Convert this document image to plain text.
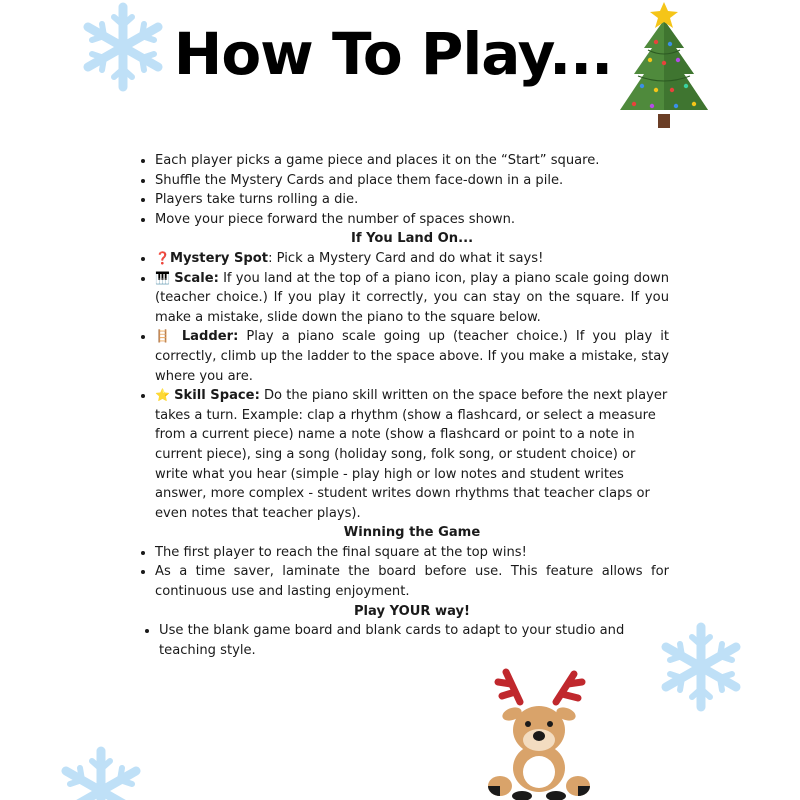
How To Play...
• Each player picks a game piece and places it on the “Start” square.
• Shuffle the Mystery Cards and place them face-down in a pile.
• Players take turns rolling a die.
• Move your piece forward the number of spaces shown.
If You Land On...
• ❓Mystery Spot: Pick a Mystery Card and do what it says!
• 🎹 Scale: If you land at the top of a piano icon, play a piano scale going down (teacher choice.) If you play it correctly, you can stay on the square. If you make a mistake, slide down the piano to the square below.
• 🪜 Ladder: Play a piano scale going up (teacher choice.) If you play it correctly, climb up the ladder to the space above. If you make a mistake, stay where you are.
• ⭐ Skill Space: Do the piano skill written on the space before the next player takes a turn. Example: clap a rhythm (show a flashcard, or select a measure from a current piece) name a note (show a flashcard or point to a note in current piece), sing a song (holiday song, folk song, or student choice) or write what you hear (simple - play high or low notes and student writes answer, more complex - student writes down rhythms that teacher claps or even notes that teacher plays).
Winning the Game
• The first player to reach the final square at the top wins!
• As a time saver, laminate the board before use. This feature allows for continuous use and lasting enjoyment.
Play YOUR way!
• Use the blank game board and blank cards to adapt to your studio and teaching style.
